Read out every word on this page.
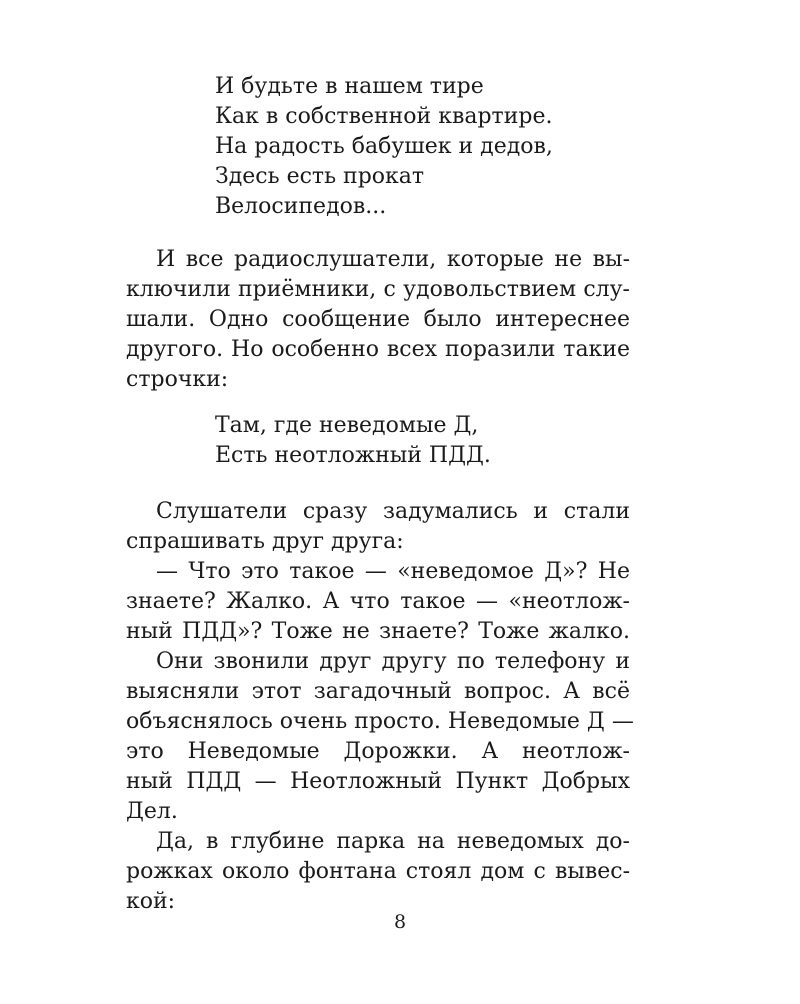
И будьте в нашем тире
Как в собственной квартире.
На радость бабушек и дедов,
Здесь есть прокат
Велосипедов...
И все радиослушатели, которые не вы-
ключили приёмники, с удовольствием слу-
шали. Одно сообщение было интереснее
другого. Но особенно всех поразили такие
строчки:
Там, где неведомые Д,
Есть неотложный ПДД.
Слушатели сразу задумались и стали
спрашивать друг друга:
— Что это такое — «неведомое Д»? Не
знаете? Жалко. А что такое — «неотлож-
ный ПДД»? Тоже не знаете? Тоже жалко.
Они звонили друг другу по телефону и
выясняли этот загадочный вопрос. А всё
объяснялось очень просто. Неведомые Д —
это Неведомые Дорожки. А неотлож-
ный ПДД — Неотложный Пункт Добрых
Дел.
Да, в глубине парка на неведомых до-
рожках около фонтана стоял дом с вывес-
кой:
8
